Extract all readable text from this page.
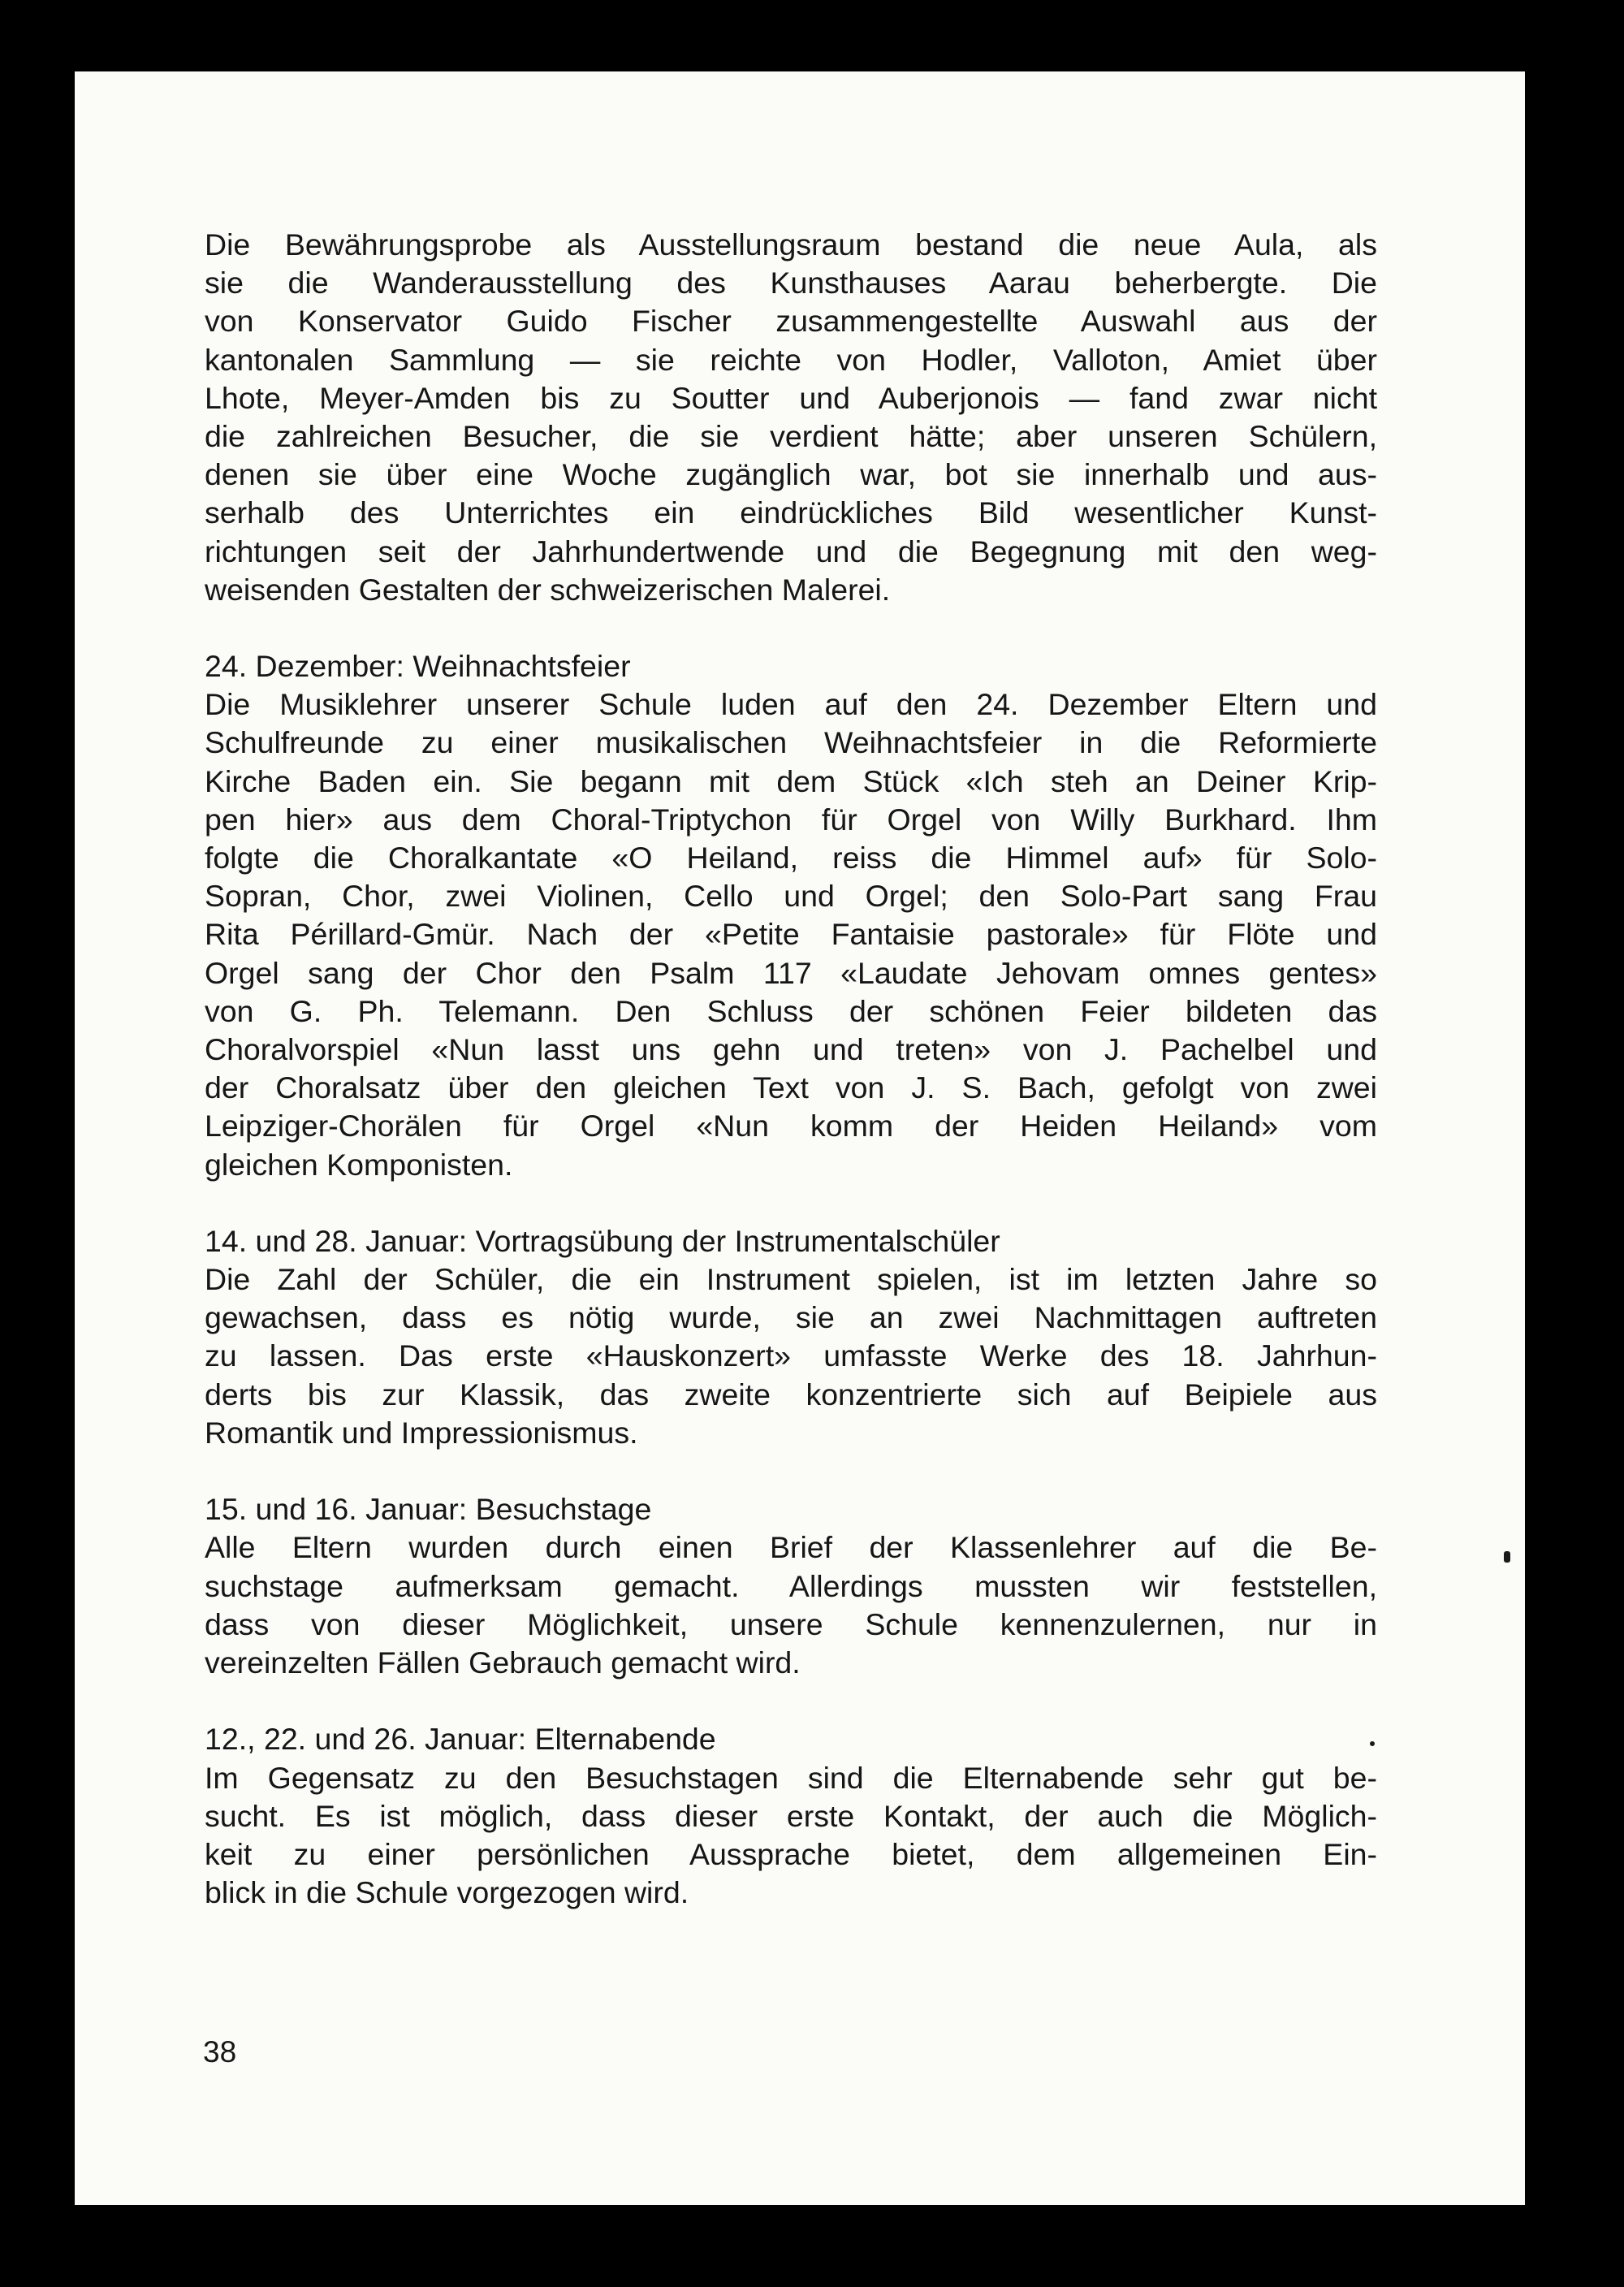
Die Bewährungsprobe als Ausstellungsraum bestand die neue Aula, als
sie die Wanderausstellung des Kunsthauses Aarau beherbergte. Die
von Konservator Guido Fischer zusammengestellte Auswahl aus der
kantonalen Sammlung — sie reichte von Hodler, Valloton, Amiet über
Lhote, Meyer-Amden bis zu Soutter und Auberjonois — fand zwar nicht
die zahlreichen Besucher, die sie verdient hätte; aber unseren Schülern,
denen sie über eine Woche zugänglich war, bot sie innerhalb und aus-
serhalb des Unterrichtes ein eindrückliches Bild wesentlicher Kunst-
richtungen seit der Jahrhundertwende und die Begegnung mit den weg-
weisenden Gestalten der schweizerischen Malerei.
24. Dezember: Weihnachtsfeier
Die Musiklehrer unserer Schule luden auf den 24. Dezember Eltern und
Schulfreunde zu einer musikalischen Weihnachtsfeier in die Reformierte
Kirche Baden ein. Sie begann mit dem Stück «Ich steh an Deiner Krip-
pen hier» aus dem Choral-Triptychon für Orgel von Willy Burkhard. Ihm
folgte die Choralkantate «O Heiland, reiss die Himmel auf» für Solo-
Sopran, Chor, zwei Violinen, Cello und Orgel; den Solo-Part sang Frau
Rita Périllard-Gmür. Nach der «Petite Fantaisie pastorale» für Flöte und
Orgel sang der Chor den Psalm 117 «Laudate Jehovam omnes gentes»
von G. Ph. Telemann. Den Schluss der schönen Feier bildeten das
Choralvorspiel «Nun lasst uns gehn und treten» von J. Pachelbel und
der Choralsatz über den gleichen Text von J. S. Bach, gefolgt von zwei
Leipziger-Chorälen für Orgel «Nun komm der Heiden Heiland» vom
gleichen Komponisten.
14. und 28. Januar: Vortragsübung der Instrumentalschüler
Die Zahl der Schüler, die ein Instrument spielen, ist im letzten Jahre so
gewachsen, dass es nötig wurde, sie an zwei Nachmittagen auftreten
zu lassen. Das erste «Hauskonzert» umfasste Werke des 18. Jahrhun-
derts bis zur Klassik, das zweite konzentrierte sich auf Beipiele aus
Romantik und Impressionismus.
15. und 16. Januar: Besuchstage
Alle Eltern wurden durch einen Brief der Klassenlehrer auf die Be-
suchstage aufmerksam gemacht. Allerdings mussten wir feststellen,
dass von dieser Möglichkeit, unsere Schule kennenzulernen, nur in
vereinzelten Fällen Gebrauch gemacht wird.
12., 22. und 26. Januar: Elternabende
Im Gegensatz zu den Besuchstagen sind die Elternabende sehr gut be-
sucht. Es ist möglich, dass dieser erste Kontakt, der auch die Möglich-
keit zu einer persönlichen Aussprache bietet, dem allgemeinen Ein-
blick in die Schule vorgezogen wird.
38
